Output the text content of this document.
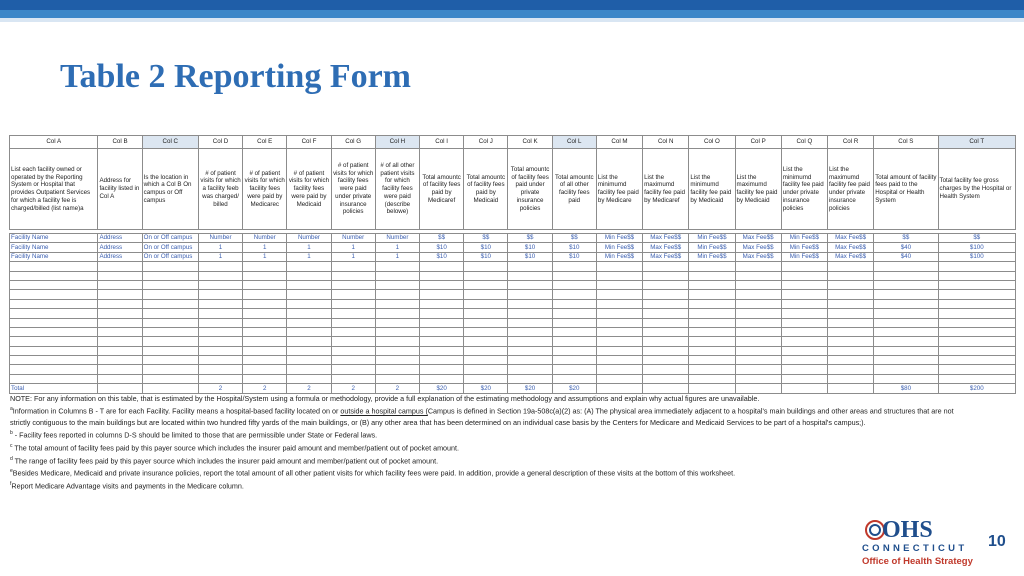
Table 2 Reporting Form
Col A	Col B	Col C	Col D	Col E	Col F	Col G	Col H	Col I	Col J	Col K	Col L	Col M	Col N	Col O	Col P	Col Q	Col R	Col S	Col T
List each facility owned or operated by the Reporting System or Hospital that provides Outpatient Services for which a facility fee is charged/billed (list name)a	Address for facility listed in Col A	Is the location in which a Col B On campus or Off campus	# of patient visits for which a facility feeb was charged/ billed	# of patient visits for which facility fees were paid by Medicarec	# of patient visits for which facility fees were paid by Medicaid	# of patient visits for which facility fees were paid under private insurance policies	# of all other patient visits for which facility fees were paid (describe belowe)	Total amountc of facility fees paid by Medicaref	Total amountc of facility fees paid by Medicaid	Total amountc of facility fees paid under private insurance policies	Total amountc of all other facility fees paid	List the minimumd facility fee paid by Medicare	List the maximumd facility fee paid by Medicaref	List the minimumd facility fee paid by Medicaid	List the maximumd facility fee paid by Medicaid	List the minimumd facility fee paid under private insurance policies	List the maximumd facility fee paid under private insurance policies	Total amount of facility fees paid to the Hospital or Health System	Total facility fee gross charges by the Hospital or Health System

Facility Name	Address	On or Off campus	Number	Number	Number	Number	Number	$$	$$	$$	$$	Min Fee$$	Max Fee$$	Min Fee$$	Max Fee$$	Min Fee$$	Max Fee$$	$$	$$
Facility Name	Address	On or Off campus	1	1	1	1	1	$10	$10	$10	$10	Min Fee$$	Max Fee$$	Min Fee$$	Max Fee$$	Min Fee$$	Max Fee$$	$40	$100
Facility Name	Address	On or Off campus	1	1	1	1	1	$10	$10	$10	$10	Min Fee$$	Max Fee$$	Min Fee$$	Max Fee$$	Min Fee$$	Max Fee$$	$40	$100

Total			2	2	2	2	2	$20	$20	$20	$20							$80	$200

NOTE: For any information on this table, that is estimated by the Hospital/System using a formula or methodology, provide a full explanation of the estimating methodology and assumptions and explain why actual figures are unavailable.

$^a$Information in Columns B - T are for each Facility. Facility means a hospital-based facility located on or outside a hospital campus (Campus is defined in Section 19a-508c(a)(2) as: (A) The physical area immediately adjacent to a hospital's main buildings and other areas and structures that are not strictly contiguous to the main buildings but are located within two hundred fifty yards of the main buildings, or (B) any other area that has been determined on an individual case basis by the Centers for Medicare and Medicaid Services to be part of a hospital's campus;).

$^b$ - Facility fees reported in columns D-S should be limited to those that are permissible under State or Federal laws.

$^c$ The total amount of facility fees paid by this payer source which includes the insurer paid amount and member/patient out of pocket amount.

$^d$ The range of facility fees paid by this payer source which includes the insurer paid amount and member/patient out of pocket amount.

$^e$Besides Medicare, Medicaid and private insurance policies, report the total amount of all other patient visits for which facility fees were paid. In addition, provide a general description of these visits at the bottom of this worksheet.

$^f$Report Medicare Advantage visits and payments in the Medicare column.

OHS
CONNECTICUT
Office of Health Strategy
10
